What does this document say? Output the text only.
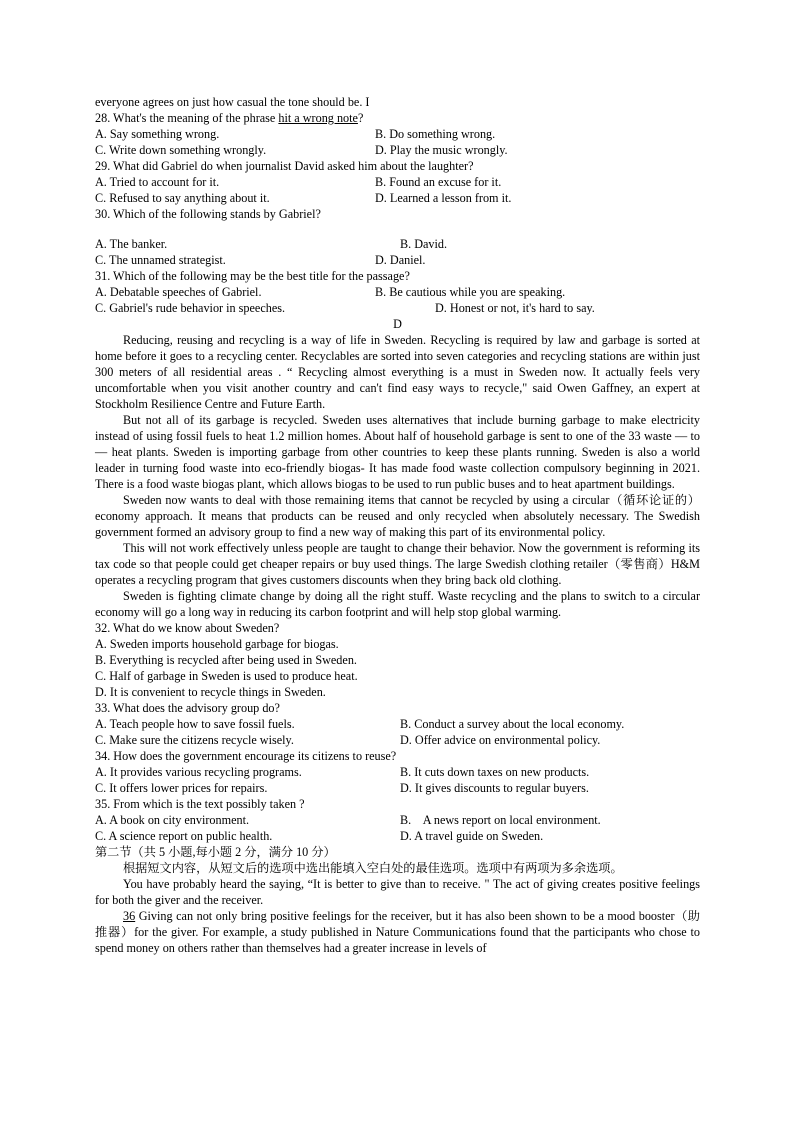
everyone agrees on just how casual the tone should be. I
28. What's the meaning of the phrase hit a wrong note?
A. Say something wrong.	B. Do something wrong.
C. Write down something wrongly.	D. Play the music wrongly.
29. What did Gabriel do when journalist David asked him about the laughter?
A. Tried to account for it.	B. Found an excuse for it.
C. Refused to say anything about it.	D. Learned a lesson from it.
30. Which of the following stands by Gabriel?
A. The banker.	B. David.
C. The unnamed strategist.	D. Daniel.
31. Which of the following may be the best title for the passage?
A. Debatable speeches of Gabriel.	B. Be cautious while you are speaking.
C. Gabriel's rude behavior in speeches.	D. Honest or not, it's hard to say.
D

Reducing, reusing and recycling is a way of life in Sweden. Recycling is required by law and garbage is sorted at home before it goes to a recycling center. Recyclables are sorted into seven categories and recycling stations are within just 300 meters of all residential areas . “ Recycling almost everything is a must in Sweden now. It actually feels very uncomfortable when you visit another country and can't find easy ways to recycle," said Owen Gaffney, an expert at Stockholm Resilience Centre and Future Earth.

But not all of its garbage is recycled. Sweden uses alternatives that include burning garbage to make electricity instead of using fossil fuels to heat 1.2 million homes. About half of household garbage is sent to one of the 33 waste — to — heat plants. Sweden is importing garbage from other countries to keep these plants running. Sweden is also a world leader in turning food waste into eco-friendly biogas- It has made food waste collection compulsory beginning in 2021. There is a food waste biogas plant, which allows biogas to be used to run public buses and to heat apartment buildings.

Sweden now wants to deal with those remaining items that cannot be recycled by using a circular（循环论证的）economy approach. It means that products can be reused and only recycled when absolutely necessary. The Swedish government formed an advisory group to find a new way of making this part of its environmental policy.

This will not work effectively unless people are taught to change their behavior. Now the government is reforming its tax code so that people could get cheaper repairs or buy used things. The large Swedish clothing retailer（零售商）H&M operates a recycling program that gives customers discounts when they bring back old clothing.

Sweden is fighting climate change by doing all the right stuff. Waste recycling and the plans to switch to a circular economy will go a long way in reducing its carbon footprint and will help stop global warming.

32. What do we know about Sweden?
A. Sweden imports household garbage for biogas.
B. Everything is recycled after being used in Sweden.
C. Half of garbage in Sweden is used to produce heat.
D. It is convenient to recycle things in Sweden.
33. What does the advisory group do?
A. Teach people how to save fossil fuels.	B. Conduct a survey about the local economy.
C. Make sure the citizens recycle wisely.	D. Offer advice on environmental policy.
34. How does the government encourage its citizens to reuse?
A. It provides various recycling programs.	B. It cuts down taxes on new products.
C. It offers lower prices for repairs.	D. It gives discounts to regular buyers.
35. From which is the text possibly taken ?
A. A book on city environment.	B.    A news report on local environment.
C. A science report on public health.	D. A travel guide on Sweden.
第二节（共 5 小题,每小题 2 分，满分 10 分）

根据短文内容，从短文后的选项中选出能填入空白处的最佳选项。选项中有两项为多余选项。

You have probably heard the saying, “It is better to give than to receive. " The act of giving creates positive feelings for both the giver and the receiver.

36 Giving can not only bring positive feelings for the receiver, but it has also been shown to be a mood booster（助推器）for the giver. For example, a study published in Nature Communications found that the participants who chose to spend money on others rather than themselves had a greater increase in levels of
